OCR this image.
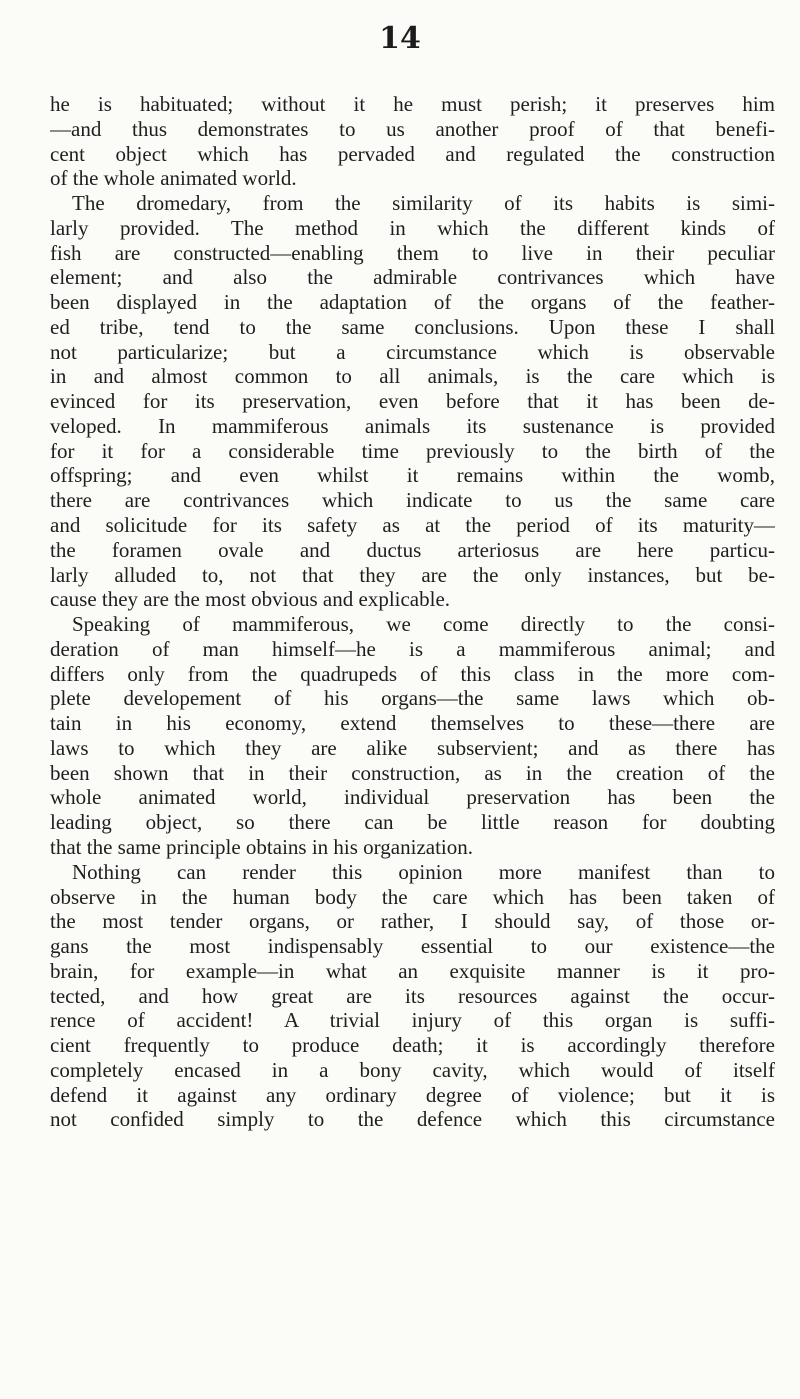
14
he is habituated; without it he must perish; it preserves him
—and thus demonstrates to us another proof of that benefi-
cent object which has pervaded and regulated the construction
of the whole animated world.
The dromedary, from the similarity of its habits is simi-
larly provided. The method in which the different kinds of
fish are constructed—enabling them to live in their peculiar
element; and also the admirable contrivances which have
been displayed in the adaptation of the organs of the feather-
ed tribe, tend to the same conclusions. Upon these I shall
not particularize; but a circumstance which is observable
in and almost common to all animals, is the care which is
evinced for its preservation, even before that it has been de-
veloped. In mammiferous animals its sustenance is provided
for it for a considerable time previously to the birth of the
offspring; and even whilst it remains within the womb,
there are contrivances which indicate to us the same care
and solicitude for its safety as at the period of its maturity—
the foramen ovale and ductus arteriosus are here particu-
larly alluded to, not that they are the only instances, but be-
cause they are the most obvious and explicable.
Speaking of mammiferous, we come directly to the consi-
deration of man himself—he is a mammiferous animal; and
differs only from the quadrupeds of this class in the more com-
plete developement of his organs—the same laws which ob-
tain in his economy, extend themselves to these—there are
laws to which they are alike subservient; and as there has
been shown that in their construction, as in the creation of the
whole animated world, individual preservation has been the
leading object, so there can be little reason for doubting
that the same principle obtains in his organization.
Nothing can render this opinion more manifest than to
observe in the human body the care which has been taken of
the most tender organs, or rather, I should say, of those or-
gans the most indispensably essential to our existence—the
brain, for example—in what an exquisite manner is it pro-
tected, and how great are its resources against the occur-
rence of accident! A trivial injury of this organ is suffi-
cient frequently to produce death; it is accordingly therefore
completely encased in a bony cavity, which would of itself
defend it against any ordinary degree of violence; but it is
not confided simply to the defence which this circumstance
